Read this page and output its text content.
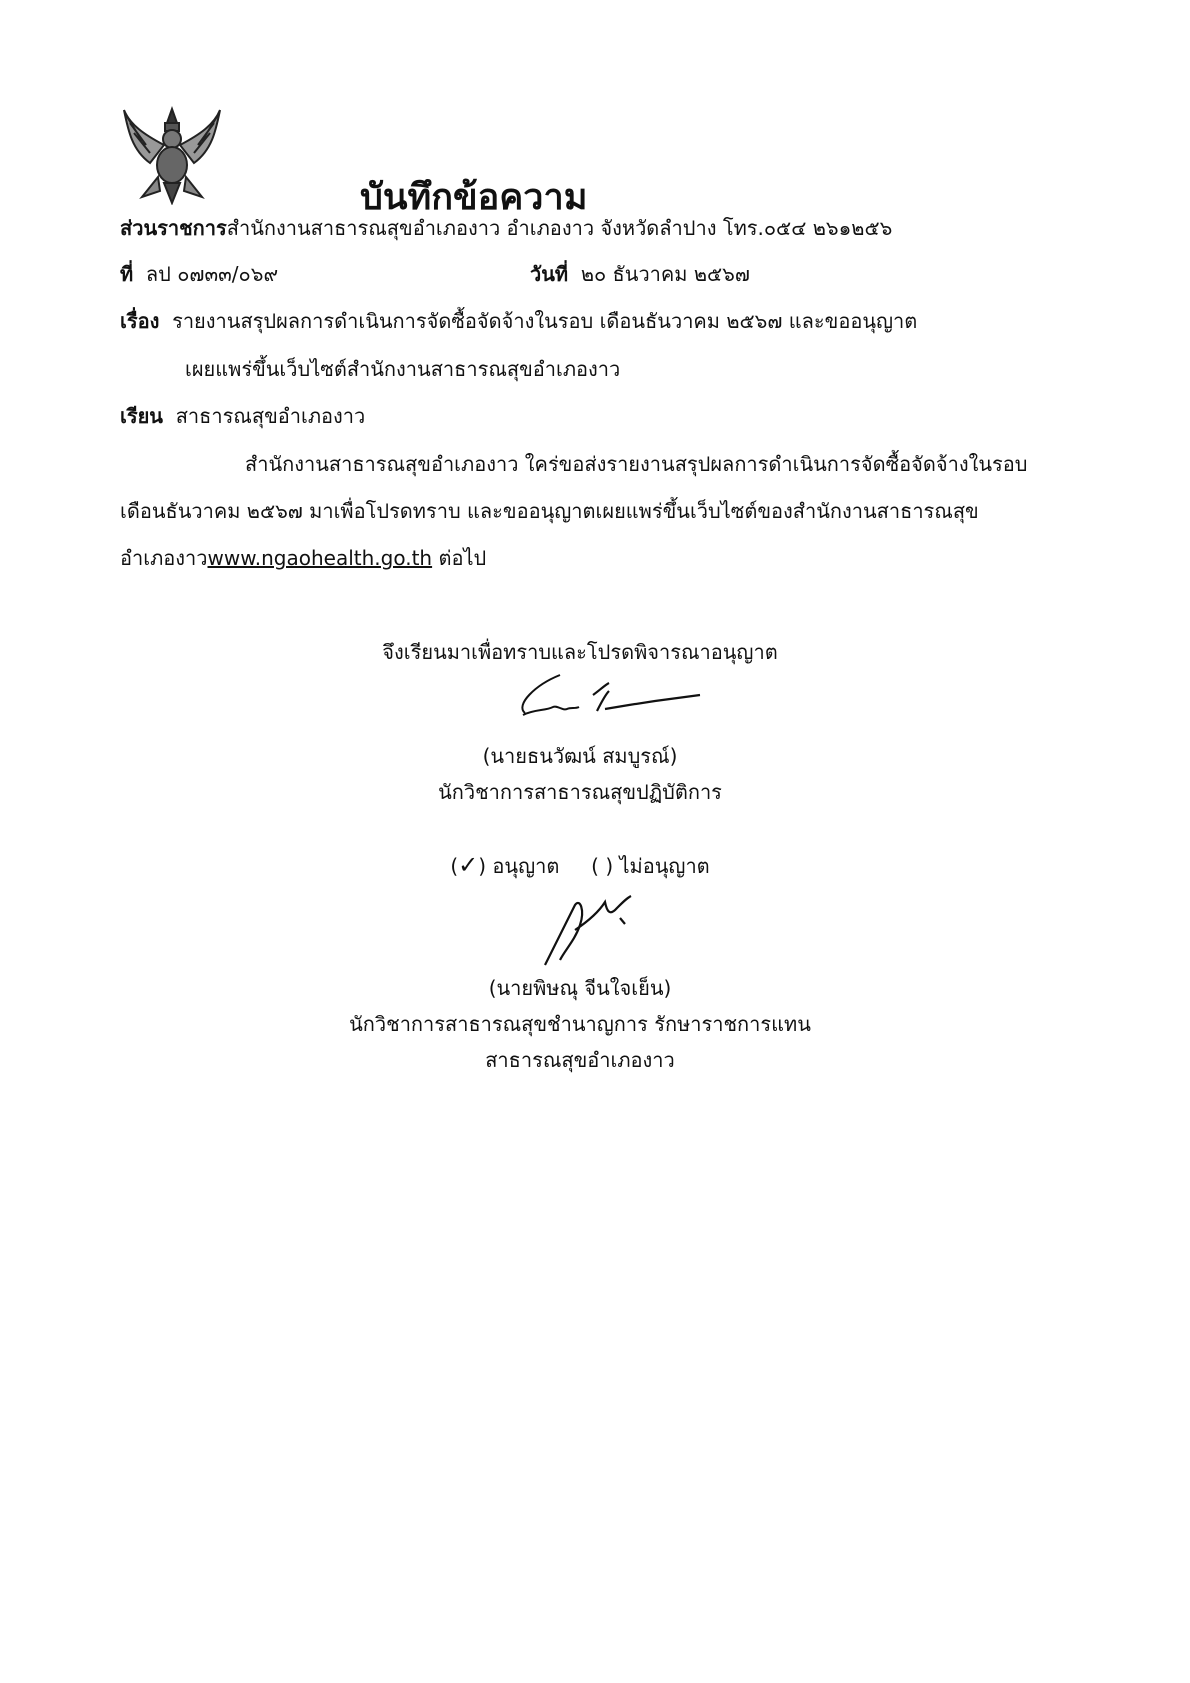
บันทึกข้อความ
ส่วนราชการสำนักงานสาธารณสุขอำเภองาว อำเภองาว จังหวัดลำปาง โทร.๐๕๔ ๒๖๑๒๕๖
ที่ ลป ๐๗๓๓/๐๖๙	วันที่ ๒๐ ธันวาคม ๒๕๖๗
เรื่อง รายงานสรุปผลการดำเนินการจัดซื้อจัดจ้างในรอบ เดือนธันวาคม ๒๕๖๗ และขออนุญาต
เผยแพร่ขึ้นเว็บไซต์สำนักงานสาธารณสุขอำเภองาว
เรียน สาธารณสุขอำเภองาว
สำนักงานสาธารณสุขอำเภองาว ใคร่ขอส่งรายงานสรุปผลการดำเนินการจัดซื้อจัดจ้างในรอบ
เดือนธันวาคม ๒๕๖๗ มาเพื่อโปรดทราบ และขออนุญาตเผยแพร่ขึ้นเว็บไซต์ของสำนักงานสาธารณสุข
อำเภองาวwww.ngaohealth.go.th ต่อไป
จึงเรียนมาเพื่อทราบและโปรดพิจารณาอนุญาต
(นายธนวัฒน์ สมบูรณ์)
นักวิชาการสาธารณสุขปฏิบัติการ
(✓) อนุญาต ( ) ไม่อนุญาต
(นายพิษณุ จีนใจเย็น)
นักวิชาการสาธารณสุขชำนาญการ รักษาราชการแทน
สาธารณสุขอำเภองาว
